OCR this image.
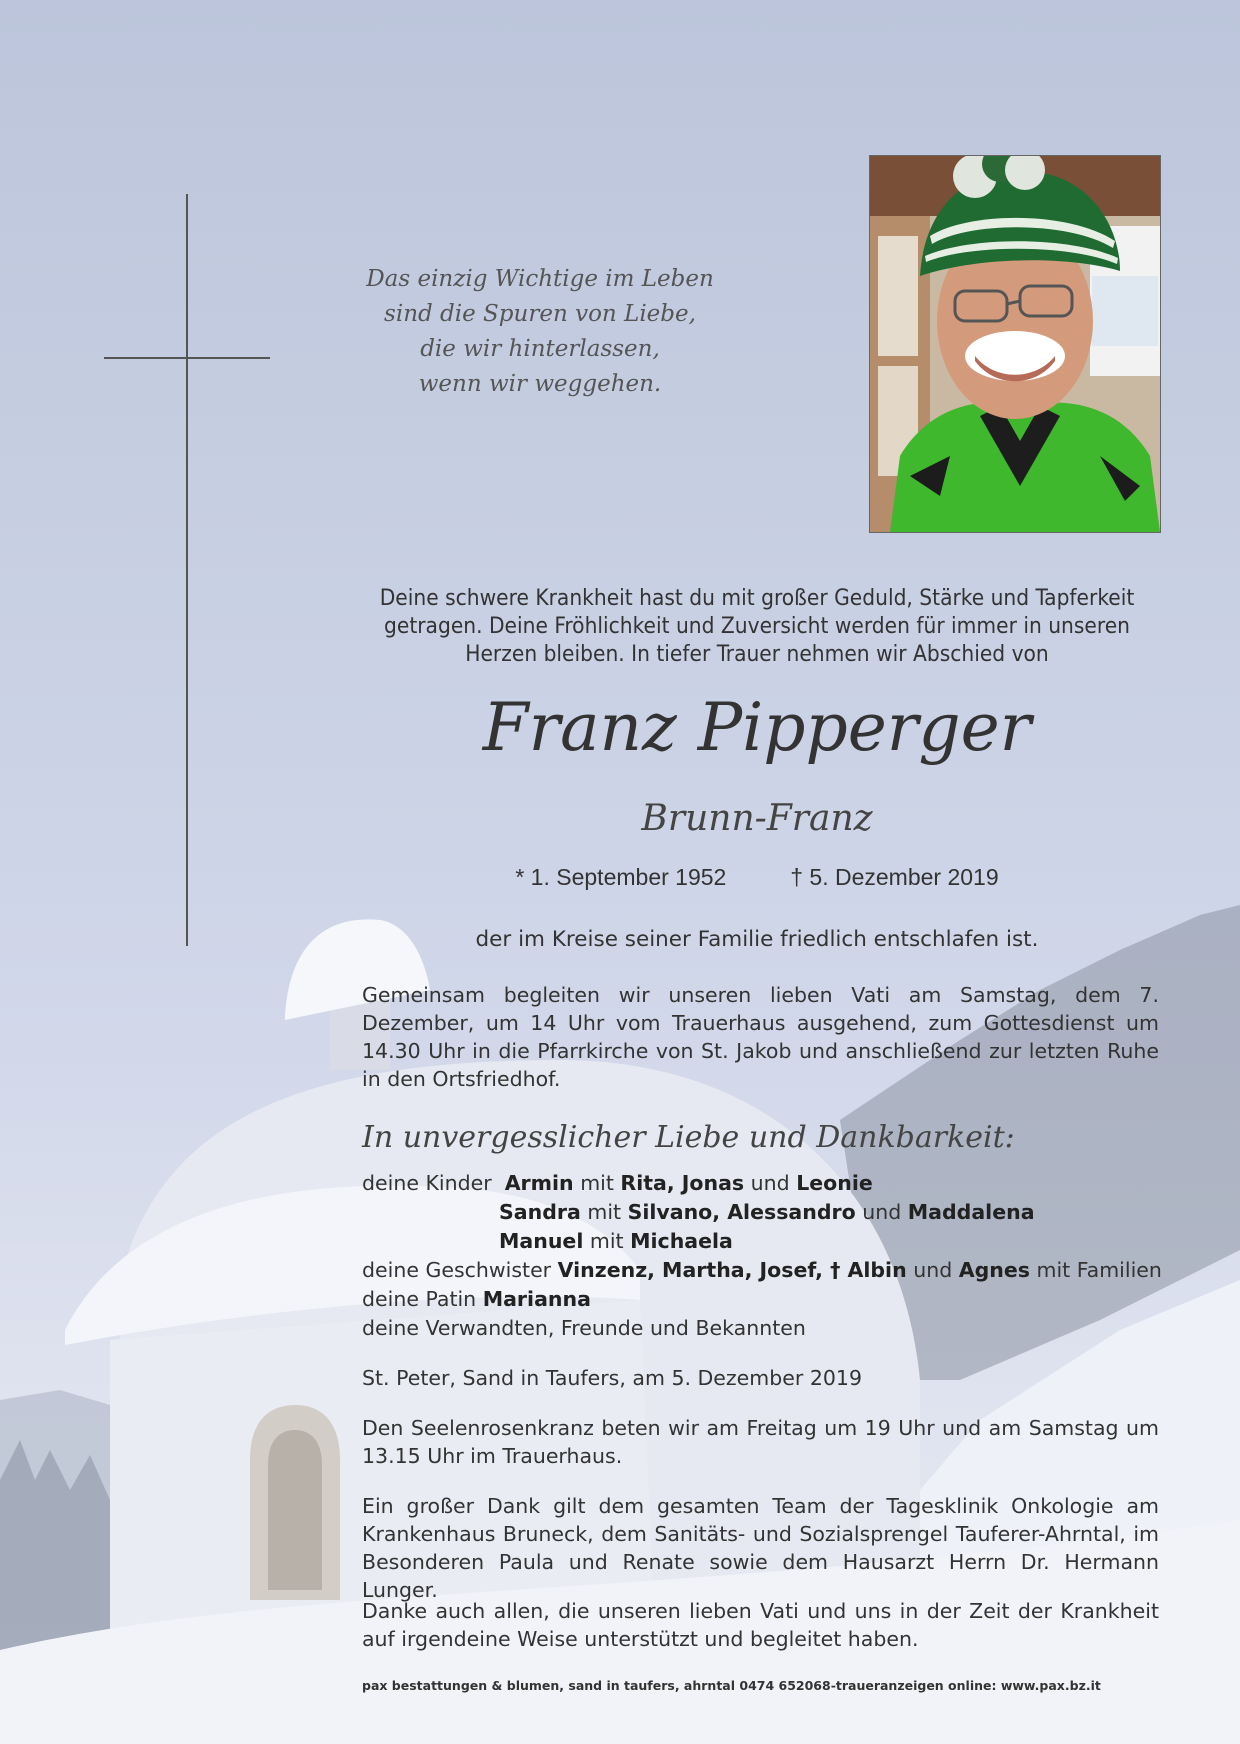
Das einzig Wichtige im Leben
sind die Spuren von Liebe,
die wir hinterlassen,
wenn wir weggehen.
Deine schwere Krankheit hast du mit großer Geduld, Stärke und Tapferkeit
getragen. Deine Fröhlichkeit und Zuversicht werden für immer in unseren
Herzen bleiben. In tiefer Trauer nehmen wir Abschied von
Franz Pipperger
Brunn-Franz
* 1. September 1952	† 5. Dezember 2019
der im Kreise seiner Familie friedlich entschlafen ist.
Gemeinsam begleiten wir unseren lieben Vati am Samstag, dem 7. Dezember, um 14 Uhr vom Trauerhaus ausgehend, zum Gottesdienst um 14.30 Uhr in die Pfarrkirche von St. Jakob und anschließend zur letzten Ruhe in den Ortsfriedhof.
In unvergesslicher Liebe und Dankbarkeit:
deine Kinder Armin mit Rita, Jonas und Leonie
Sandra mit Silvano, Alessandro und Maddalena
Manuel mit Michaela
deine Geschwister Vinzenz, Martha, Josef, † Albin und Agnes mit Familien
deine Patin Marianna
deine Verwandten, Freunde und Bekannten
St. Peter, Sand in Taufers, am 5. Dezember 2019
Den Seelenrosenkranz beten wir am Freitag um 19 Uhr und am Samstag um 13.15 Uhr im Trauerhaus.
Ein großer Dank gilt dem gesamten Team der Tagesklinik Onkologie am Krankenhaus Bruneck, dem Sanitäts- und Sozialsprengel Tauferer-Ahrntal, im Besonderen Paula und Renate sowie dem Hausarzt Herrn Dr. Hermann Lunger.
Danke auch allen, die unseren lieben Vati und uns in der Zeit der Krankheit auf irgendeine Weise unterstützt und begleitet haben.
pax bestattungen & blumen, sand in taufers, ahrntal 0474 652068-traueranzeigen online: www.pax.bz.it
